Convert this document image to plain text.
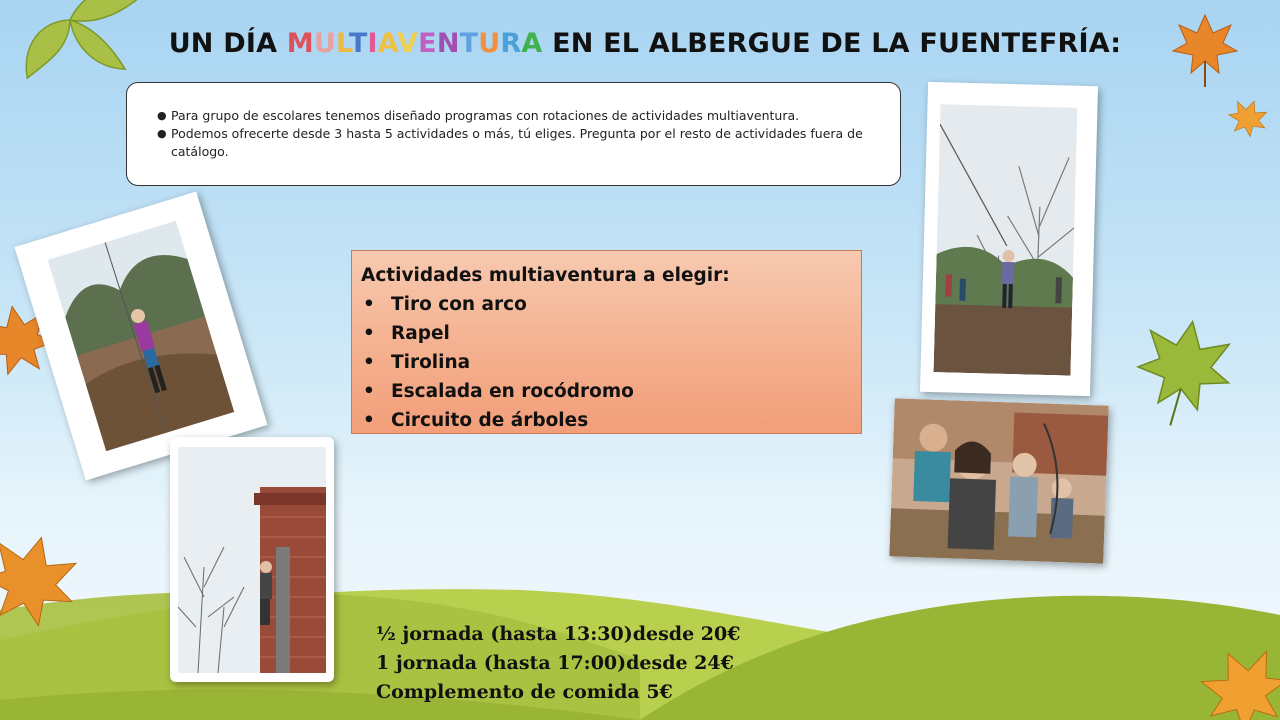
UN DÍA MULTIAVENTURA EN EL ALBERGUE DE LA FUENTEFRÍA:
● Para grupo de escolares tenemos diseñado programas con rotaciones de actividades multiaventura.
● Podemos ofrecerte desde 3 hasta 5 actividades o más, tú eliges. Pregunta por el resto de actividades fuera de catálogo.
Actividades multiaventura a elegir:
• Tiro con arco
• Rapel
• Tirolina
• Escalada en rocódromo
• Circuito de árboles
½ jornada (hasta 13:30)desde 20€
1 jornada (hasta 17:00)desde 24€
Complemento de comida 5€
